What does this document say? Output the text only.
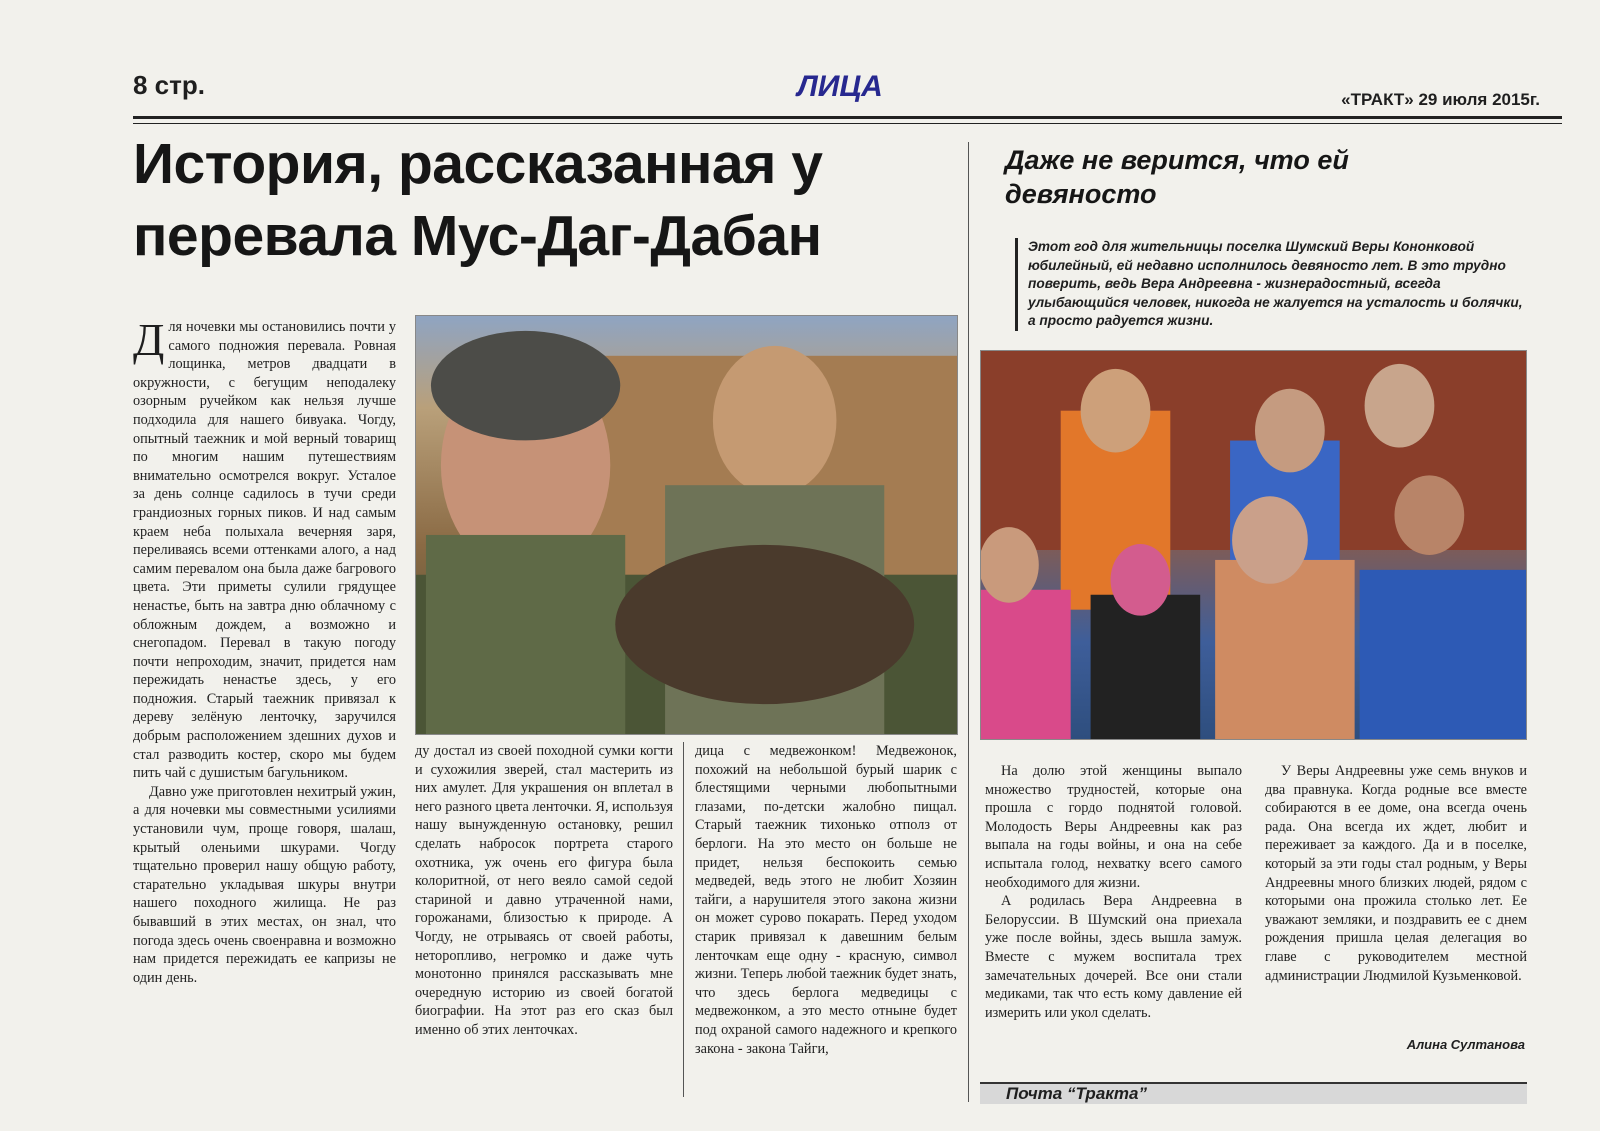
8 стр.	ЛИЦА	«ТРАКТ» 29 июля 2015г.
История, рассказанная у перевала Мус-Даг-Дабан
Даже не верится, что ей девяносто
Этот год для жительницы поселка Шумский Веры Кононковой юбилейный, ей недавно исполнилось девяносто лет. В это трудно поверить, ведь Вера Андреевна - жизнерадостный, всегда улыбающийся человек, никогда не жалуется на усталость и болячки, а просто радуется жизни.

Для ночевки мы остановились почти у самого подножия перевала. Ровная лощинка, метров двадцати в окружности, с бегущим неподалеку озорным ручейком как нельзя лучше подходила для нашего бивуака. Чогду, опытный таежник и мой верный товарищ по многим нашим путешествиям внимательно осмотрелся вокруг. Усталое за день солнце садилось в тучи среди грандиозных горных пиков. И над самым краем неба полыхала вечерняя заря, переливаясь всеми оттенками алого, а над самим перевалом она была даже багрового цвета. Эти приметы сулили грядущее ненастье, быть на завтра дню облачному с обложным дождем, а возможно и снегопадом. Перевал в такую погоду почти непроходим, значит, придется нам пережидать ненастье здесь, у его подножия. Старый таежник привязал к дереву зелёную ленточку, заручился добрым расположением здешних духов и стал разводить костер, скоро мы будем пить чай с душистым багульником.

Давно уже приготовлен нехитрый ужин, а для ночевки мы совместными усилиями установили чум, проще говоря, шалаш, крытый оленьими шкурами. Чогду тщательно проверил нашу общую работу, старательно укладывая шкуры внутри нашего походного жилища. Не раз бывавший в этих местах, он знал, что погода здесь очень своенравна и возможно нам придется пережидать ее капризы не один день.

ду достал из своей походной сумки когти и сухожилия зверей, стал мастерить из них амулет. Для украшения он вплетал в него разного цвета ленточки. Я, используя нашу вынужденную остановку, решил сделать набросок портрета старого охотника, уж очень его фигура была колоритной, от него веяло самой седой стариной и давно утраченной нами, горожанами, близостью к природе. А Чогду, не отрываясь от своей работы, неторопливо, негромко и даже чуть монотонно принялся рассказывать мне очередную историю из своей богатой биографии. На этот раз его сказ был именно об этих ленточках.

дица с медвежонком! Медвежонок, похожий на небольшой бурый шарик с блестящими черными любопытными глазами, по-детски жалобно пищал. Старый таежник тихонько отполз от берлоги. На это место он больше не придет, нельзя беспокоить семью медведей, ведь этого не любит Хозяин тайги, а нарушителя этого закона жизни он может сурово покарать. Перед уходом старик привязал к давешним белым ленточкам еще одну - красную, символ жизни. Теперь любой таежник будет знать, что здесь берлога медведицы с медвежонком, а это место отныне будет под охраной самого надежного и крепкого закона - закона Тайги,

На долю этой женщины выпало множество трудностей, которые она прошла с гордо поднятой головой. Молодость Веры Андреевны как раз выпала на годы войны, и она на себе испытала голод, нехватку всего самого необходимого для жизни.

А родилась Вера Андреевна в Белоруссии. В Шумский она приехала уже после войны, здесь вышла замуж. Вместе с мужем воспитала трех замечательных дочерей. Все они стали медиками, так что есть кому давление ей измерить или укол сделать.

У Веры Андреевны уже семь внуков и два правнука. Когда родные все вместе собираются в ее доме, она всегда очень рада. Она всегда их ждет, любит и переживает за каждого. Да и в поселке, который за эти годы стал родным, у Веры Андреевны много близких людей, рядом с которыми она прожила столько лет. Ее уважают земляки, и поздравить ее с днем рождения пришла целая делегация во главе с руководителем местной администрации Людмилой Кузьменковой.

Алина Султанова
Почта “Тракта”
